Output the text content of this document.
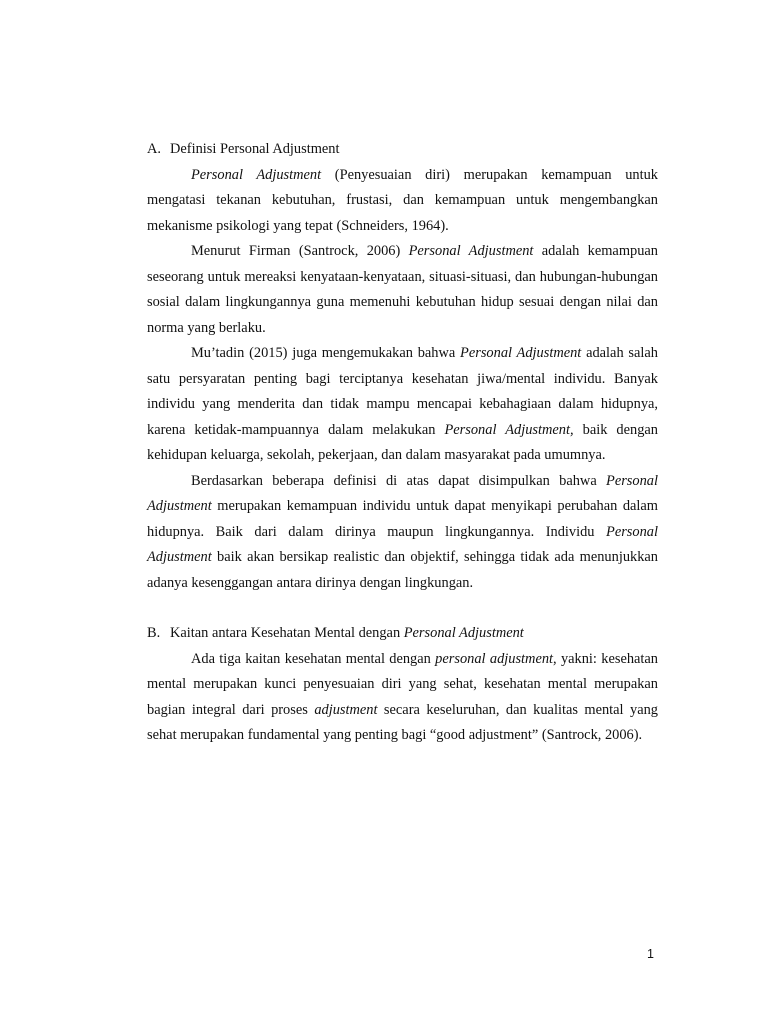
A. Definisi Personal Adjustment

Personal Adjustment (Penyesuaian diri) merupakan kemampuan untuk mengatasi tekanan kebutuhan, frustasi, dan kemampuan untuk mengembangkan mekanisme psikologi yang tepat (Schneiders, 1964).

Menurut Firman (Santrock, 2006) Personal Adjustment adalah kemampuan seseorang untuk mereaksi kenyataan-kenyataan, situasi-situasi, dan hubungan-hubungan sosial dalam lingkungannya guna memenuhi kebutuhan hidup sesuai dengan nilai dan norma yang berlaku.

Mu’tadin (2015) juga mengemukakan bahwa Personal Adjustment adalah salah satu persyaratan penting bagi terciptanya kesehatan jiwa/mental individu. Banyak individu yang menderita dan tidak mampu mencapai kebahagiaan dalam hidupnya, karena ketidak-mampuannya dalam melakukan Personal Adjustment, baik dengan kehidupan keluarga, sekolah, pekerjaan, dan dalam masyarakat pada umumnya.

Berdasarkan beberapa definisi di atas dapat disimpulkan bahwa Personal Adjustment merupakan kemampuan individu untuk dapat menyikapi perubahan dalam hidupnya. Baik dari dalam dirinya maupun lingkungannya. Individu Personal Adjustment baik akan bersikap realistic dan objektif, sehingga tidak ada menunjukkan adanya kesenggangan antara dirinya dengan lingkungan.

B. Kaitan antara Kesehatan Mental dengan Personal Adjustment

Ada tiga kaitan kesehatan mental dengan personal adjustment, yakni: kesehatan mental merupakan kunci penyesuaian diri yang sehat, kesehatan mental merupakan bagian integral dari proses adjustment secara keseluruhan, dan kualitas mental yang sehat merupakan fundamental yang penting bagi “good adjustment” (Santrock, 2006).

1
